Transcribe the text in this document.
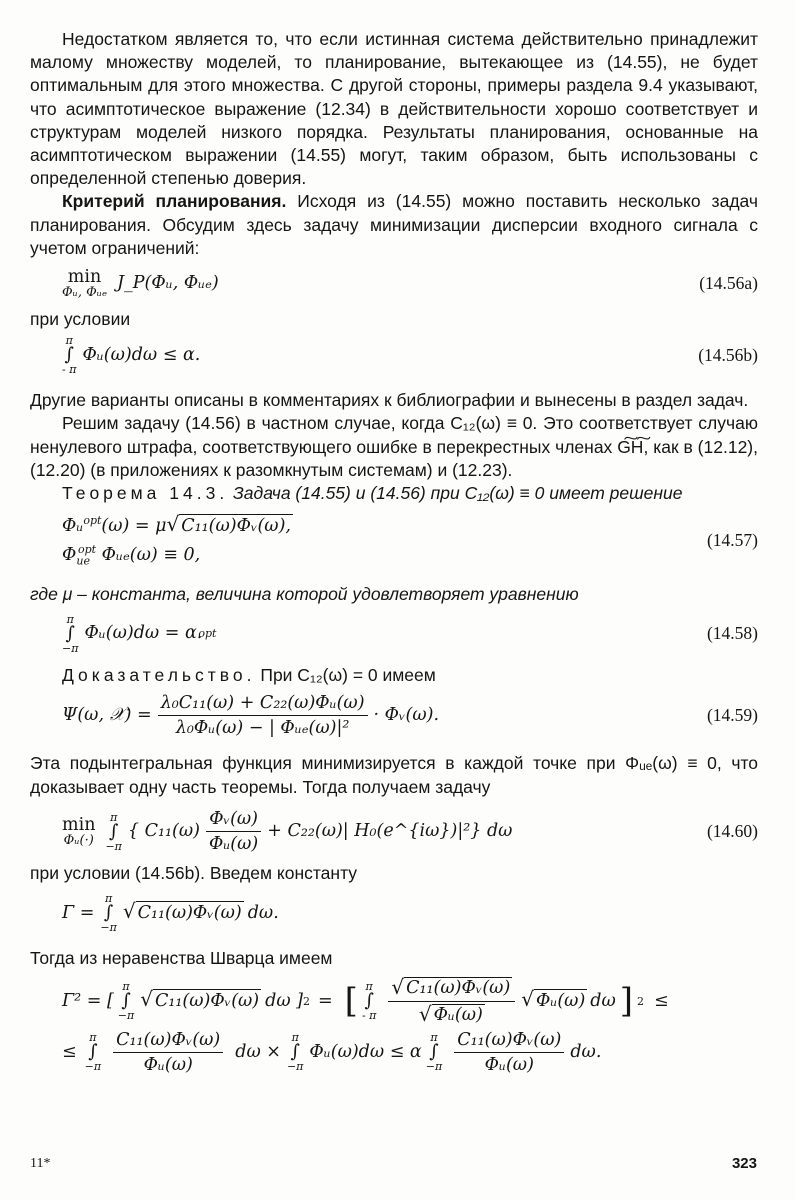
Недостатком является то, что если истинная система действительно принадлежит малому множеству моделей, то планирование, вытекающее из (14.55), не будет оптимальным для этого множества. С другой стороны, примеры раздела 9.4 указывают, что асимптотическое выражение (12.34) в действительности хорошо соответствует и структурам моделей низкого порядка. Результаты планирования, основанные на асимптотическом выражении (14.55) могут, таким образом, быть использованы с определенной степенью доверия.

Критерий планирования. Исходя из (14.55) можно поставить несколько задач планирования. Обсудим здесь задачу минимизации дисперсии входного сигнала с учетом ограничений:

min
Φᵤ, Φᵤₑ J_P(Φᵤ, Φᵤₑ)	(14.56a)

при условии

π
∫
- π
Φᵤ(ω)dω ≤ α.	(14.56b)

Другие варианты описаны в комментариях к библиографии и вынесены в раздел задач.

Решим задачу (14.56) в частном случае, когда C₁₂(ω) ≡ 0. Это соответствует случаю ненулевого штрафа, соответствующего ошибке в перекрестных членах G͠H͠, как в (12.12), (12.20) (в приложениях к разомкнутым системам) и (12.23).

Теорема 14.3. Задача (14.55) и (14.56) при C₁₂(ω) ≡ 0 имеет решение

Φᵤ$^{opt}$(ω) = μ √ C₁₁(ω)Φᵥ(ω),
$\Phi_{ue}^{opt}$ Φᵤₑ(ω) ≡ 0,
(14.57)

где μ – константа, величина которой удовлетворяет уравнению

π
∫
−π
Φᵤ(ω)dω = α.
opt	(14.58)

Доказательство. При C₁₂(ω) = 0 имеем

Ψ(ω, 𝒳) = $\frac{\text{λ₀C₁₁(ω) + C₂₂(ω)Φᵤ(ω)}}{\text{λ₀Φᵤ(ω) − | Φᵤₑ(ω)|²}}$ · Φᵥ(ω).	(14.59)

Эта подынтегральная функция минимизируется в каждой точке при Φᵤₑ(ω) ≡ 0, что доказывает одну часть теоремы. Тогда получаем задачу

min
Φᵤ(·)
π
∫
−π
{ $C_{11}(\omega) \frac{\text{Φᵥ(ω)}}{\text{Φᵤ(ω)}} + C_{22}(\omega)|$ H₀(e^{iω})|²} dω	(14.60)

при условии (14.56b). Введем константу

Γ =
π
∫
−π
√ C₁₁(ω)Φᵥ(ω) dω.

Тогда из неравенства Шварца имеем

Γ² = [
π
∫
−π
√ C₁₁(ω)Φᵥ(ω) dω ] 2 = [ π
∫
- π $\frac{\text{√ C₁₁(ω)Φᵥ(ω)}}{\text{√ Φᵤ(ω)}}$ √ Φᵤ(ω) dω ] 2 ≤
≤
π
∫
$-\pi \frac{\text{C₁₁(ω)Φᵥ(ω)}}{\text{Φᵤ(ω)}}$ dω ×
π
∫
−π
Φᵤ(ω)dω ≤ α
π
∫
$-\pi \frac{\text{C₁₁(ω)Φᵥ(ω)}}{\text{Φᵤ(ω)}} d\omega$.
11*	323
